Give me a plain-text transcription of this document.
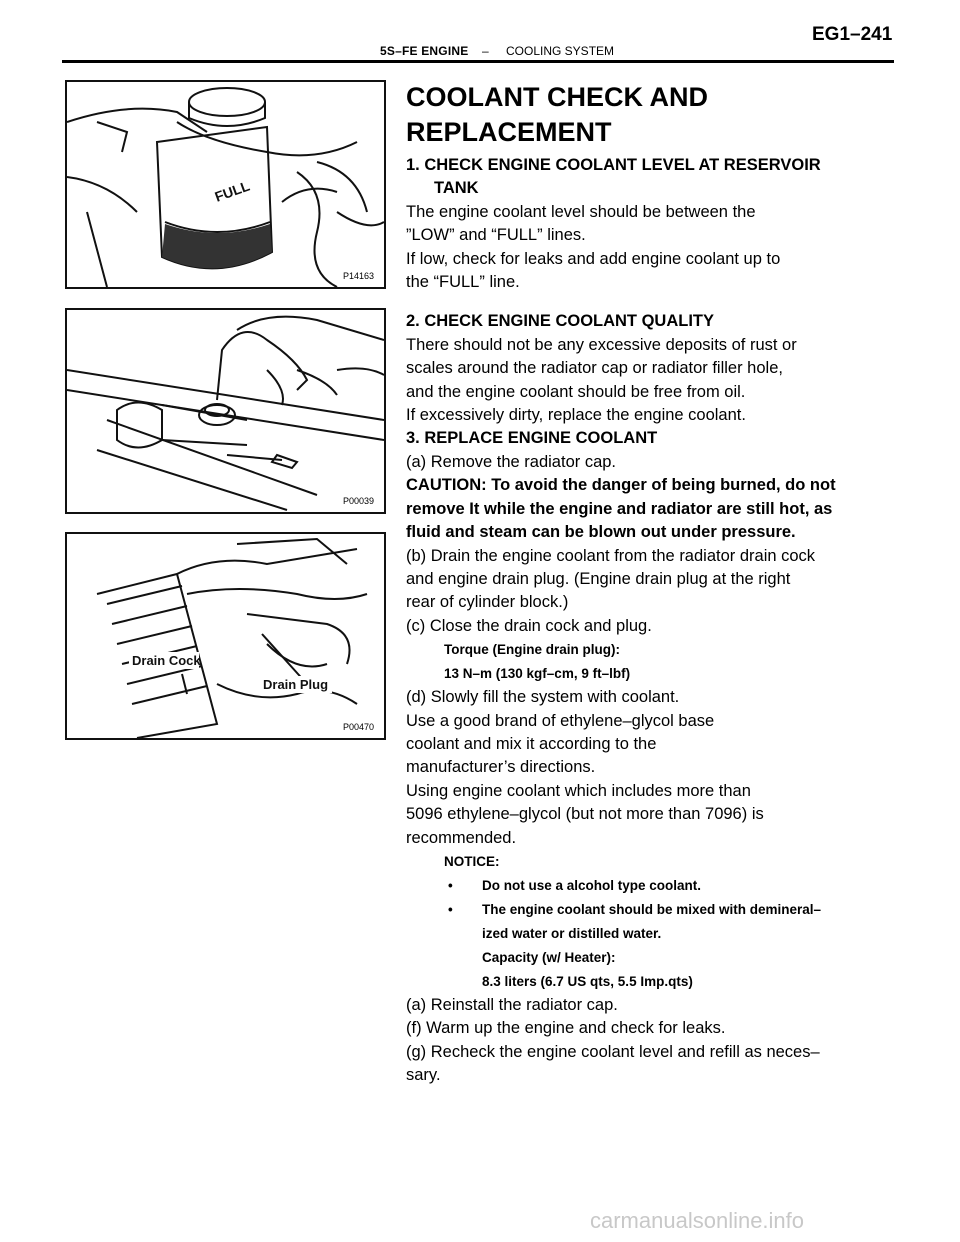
5S–FE ENGINE – COOLING SYSTEM
EG1–241
FULL
P14163
P00039
Drain Cock
Drain Plug
P00470
COOLANT CHECK AND
REPLACEMENT

1. CHECK ENGINE COOLANT LEVEL AT RESERVOIR

TANK

The engine coolant level should be between the

”LOW” and “FULL” lines.

If low, check for leaks and add engine coolant up to

the “FULL” line.

2. CHECK ENGINE COOLANT QUALITY

There should not be any excessive deposits of rust or

scales around the radiator cap or radiator filler hole,

and the engine coolant should be free from oil.

If excessively dirty, replace the engine coolant.

3. REPLACE ENGINE COOLANT

(a) Remove the radiator cap.

CAUTION: To avoid the danger of being burned, do not

remove It while the engine and radiator are still hot, as

fluid and steam can be blown out under pressure.

(b) Drain the engine coolant from the radiator drain cock

and engine drain plug. (Engine drain plug at the right

rear of cylinder block.)

(c) Close the drain cock and plug.

Torque (Engine drain plug):

13 N–m (130 kgf–cm, 9 ft–lbf)

(d) Slowly fill the system with coolant.

Use a good brand of ethylene–glycol base

coolant and mix it according to the

manufacturer’s directions.

Using engine coolant which includes more than

5096 ethylene–glycol (but not more than 7096) is

recommended.

NOTICE:

•	Do not use a alcohol type coolant.
•	The engine coolant should be mixed with demineral–

ized water or distilled water.

Capacity (w/ Heater):

8.3 liters (6.7 US qts, 5.5 Imp.qts)

(a) Reinstall the radiator cap.

(f) Warm up the engine and check for leaks.

(g) Recheck the engine coolant level and refill as neces–

sary.

carmanualsonline.info
